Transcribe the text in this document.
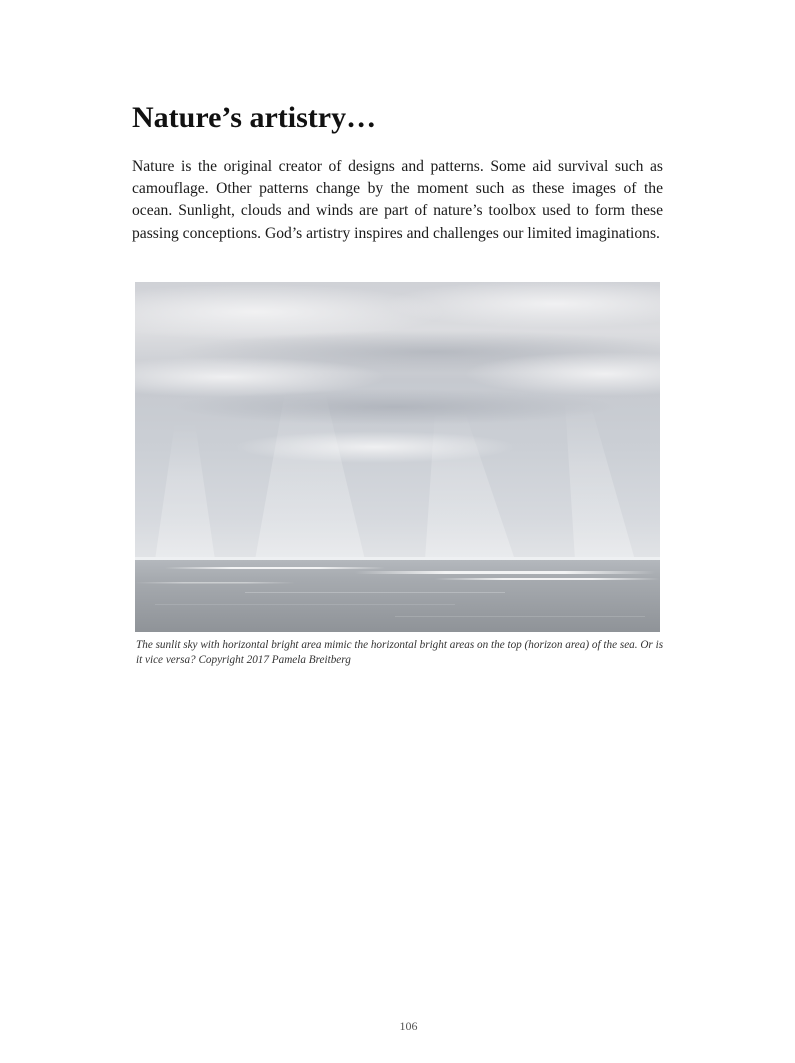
Nature’s artistry…

Nature is the original creator of designs and patterns. Some aid survival such as camouflage. Other patterns change by the moment such as these images of the ocean. Sunlight, clouds and winds are part of nature’s toolbox used to form these passing conceptions. God’s artistry inspires and challenges our limited imaginations.

The sunlit sky with horizontal bright area mimic the horizontal bright areas on the top (horizon area) of the sea. Or is it vice versa? Copyright 2017 Pamela Breitberg

106
